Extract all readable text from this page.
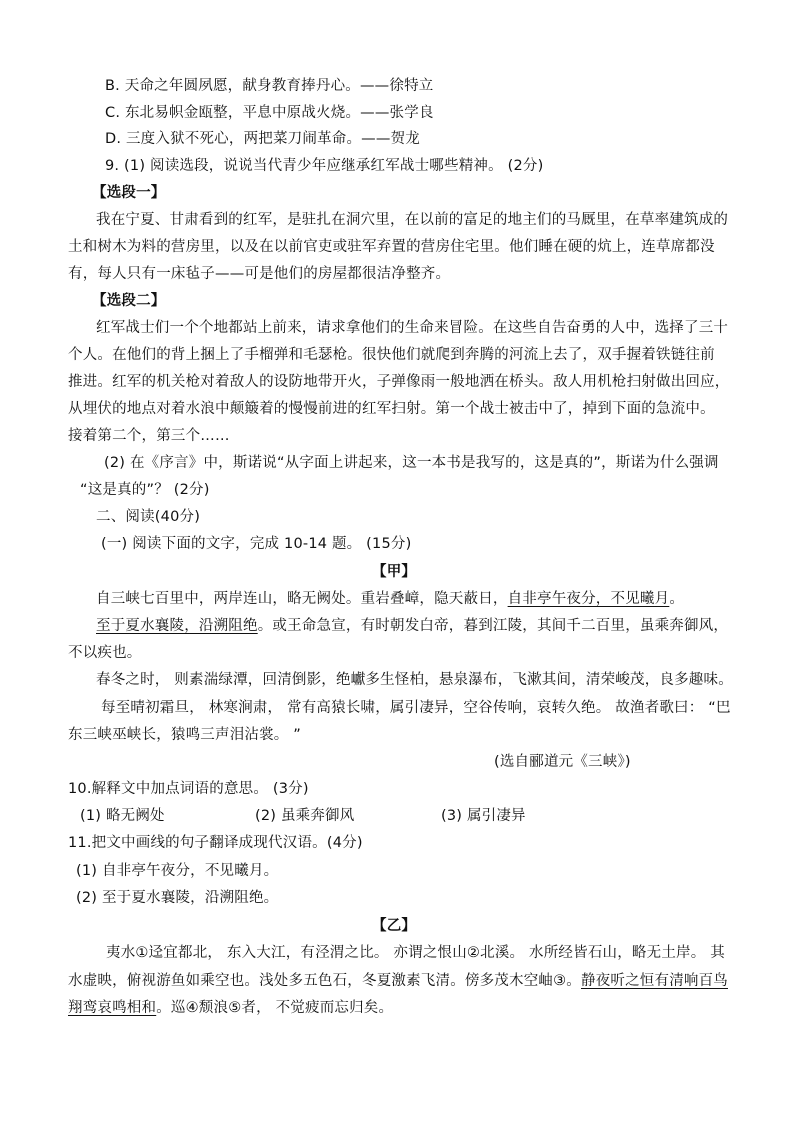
B. 天命之年圆夙愿，献身教育捧丹心。——徐特立
C. 东北易帜金瓯整，平息中原战火烧。——张学良
D. 三度入狱不死心，两把菜刀闹革命。——贺龙
9. (1) 阅读选段，说说当代青少年应继承红军战士哪些精神。 (2分)
【选段一】
我在宁夏、甘肃看到的红军，是驻扎在洞穴里，在以前的富足的地主们的马厩里，在草率建筑成的
土和树木为料的营房里，以及在以前官吏或驻军弃置的营房住宅里。他们睡在硬的炕上，连草席都没
有，每人只有一床毡子——可是他们的房屋都很洁净整齐。
【选段二】
红军战士们一个个地都站上前来，请求拿他们的生命来冒险。在这些自告奋勇的人中，选择了三十
个人。在他们的背上捆上了手榴弹和毛瑟枪。很快他们就爬到奔腾的河流上去了，双手握着铁链往前
推进。红军的机关枪对着敌人的设防地带开火，子弹像雨一般地洒在桥头。敌人用机枪扫射做出回应，
从埋伏的地点对着水浪中颠簸着的慢慢前进的红军扫射。第一个战士被击中了，掉到下面的急流中。
接着第二个，第三个……
(2) 在《序言》中，斯诺说“从字面上讲起来，这一本书是我写的，这是真的”，斯诺为什么强调
“这是真的”？ (2分)
二、阅读(40分)
(一) 阅读下面的文字，完成 10-14 题。 (15分)
【甲】
自三峡七百里中，两岸连山，略无阙处。重岩叠嶂，隐天蔽日，自非亭午夜分，不见曦月。
至于夏水襄陵，沿溯阻绝。或王命急宣，有时朝发白帝，暮到江陵，其间千二百里，虽乘奔御风，
不以疾也。
春冬之时， 则素湍绿潭，回清倒影，绝巘多生怪柏，悬泉瀑布，飞漱其间，清荣峻茂，良多趣味。
每至晴初霜旦， 林寒涧肃， 常有高猿长啸，属引凄异，空谷传响，哀转久绝。 故渔者歌曰： “巴
东三峡巫峡长，猿鸣三声泪沾裳。 ”
(选自郦道元《三峡》)
10.解释文中加点词语的意思。 (3分)
(1) 略无阙处	(2) 虽乘奔御风	(3) 属引凄异
11.把文中画线的句子翻译成现代汉语。(4分)
(1) 自非亭午夜分，不见曦月。
(2) 至于夏水襄陵，沿溯阻绝。
【乙】
夷水①迳宜都北， 东入大江，有泾渭之比。 亦谓之恨山②北溪。 水所经皆石山，略无土岸。 其
水虚映，俯视游鱼如乘空也。浅处多五色石，冬夏激素飞清。傍多茂木空岫③。静夜听之恒有清响百鸟
翔鸾哀鸣相和。巡④颓浪⑤者， 不觉疲而忘归矣。
